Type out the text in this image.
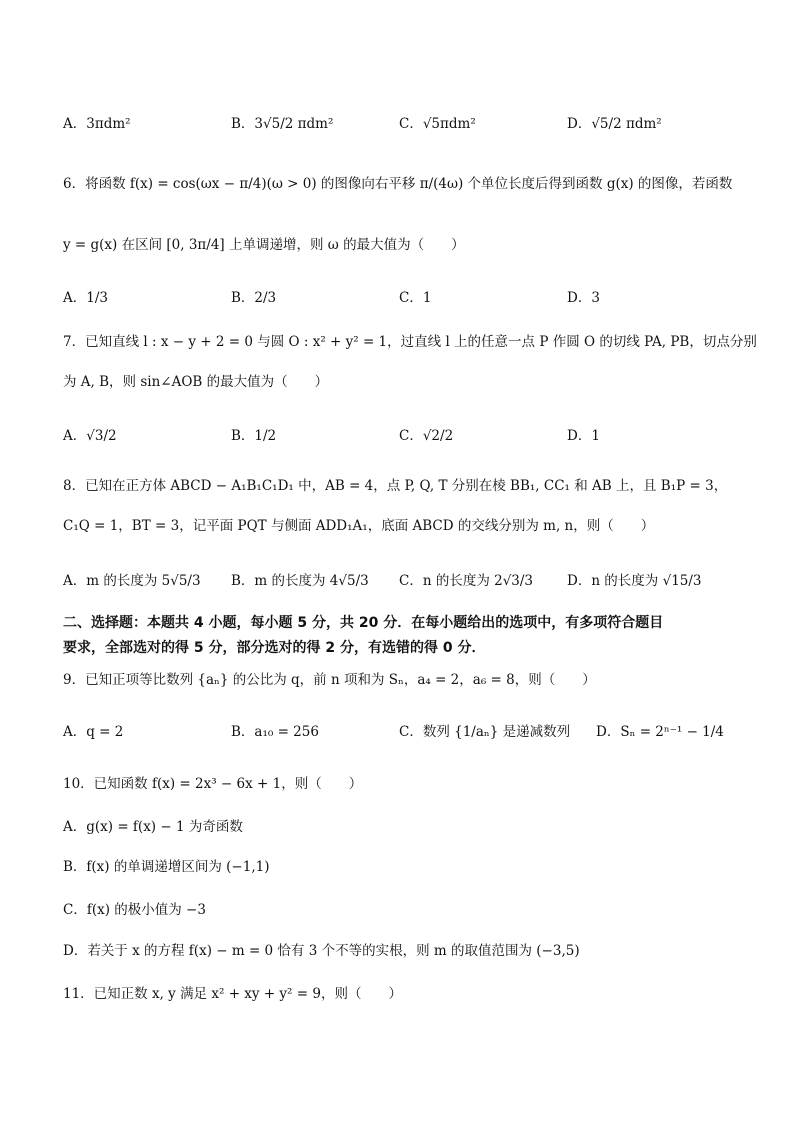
A．3πdm²	B．3√5/2 πdm²	C．√5πdm²	D．√5/2 πdm²
6．将函数 f(x) = cos(ωx − π/4)(ω > 0) 的图像向右平移 π/(4ω) 个单位长度后得到函数 g(x) 的图像，若函数
y = g(x) 在区间 [0, 3π/4] 上单调递增，则 ω 的最大值为（　　）
A．1/3	B．2/3	C．1	D．3
7．已知直线 l : x − y + 2 = 0 与圆 O : x² + y² = 1，过直线 l 上的任意一点 P 作圆 O 的切线 PA, PB，切点分别
为 A, B，则 sin∠AOB 的最大值为（　　）
A．√3/2	B．1/2	C．√2/2	D．1
8．已知在正方体 ABCD − A₁B₁C₁D₁ 中，AB = 4，点 P, Q, T 分别在棱 BB₁, CC₁ 和 AB 上，且 B₁P = 3，
C₁Q = 1，BT = 3，记平面 PQT 与侧面 ADD₁A₁，底面 ABCD 的交线分别为 m, n，则（　　）
A．m 的长度为 5√5/3 B．m 的长度为 4√5/3 C．n 的长度为 2√3/3	D．n 的长度为 √15/3
二、选择题：本题共 4 小题，每小题 5 分，共 20 分．在每小题给出的选项中，有多项符合题目
要求，全部选对的得 5 分，部分选对的得 2 分，有选错的得 0 分．
9．已知正项等比数列 {aₙ} 的公比为 q，前 n 项和为 Sₙ，a₄ = 2，a₆ = 8，则（　　）
A．q = 2	B．a₁₀ = 256	C．数列 {1/aₙ} 是递减数列 D．Sₙ = 2ⁿ⁻¹ − 1/4
10．已知函数 f(x) = 2x³ − 6x + 1，则（　　）
A．g(x) = f(x) − 1 为奇函数
B．f(x) 的单调递增区间为 (−1,1)
C．f(x) 的极小值为 −3
D．若关于 x 的方程 f(x) − m = 0 恰有 3 个不等的实根，则 m 的取值范围为 (−3,5)
11．已知正数 x, y 满足 x² + xy + y² = 9，则（　　）
